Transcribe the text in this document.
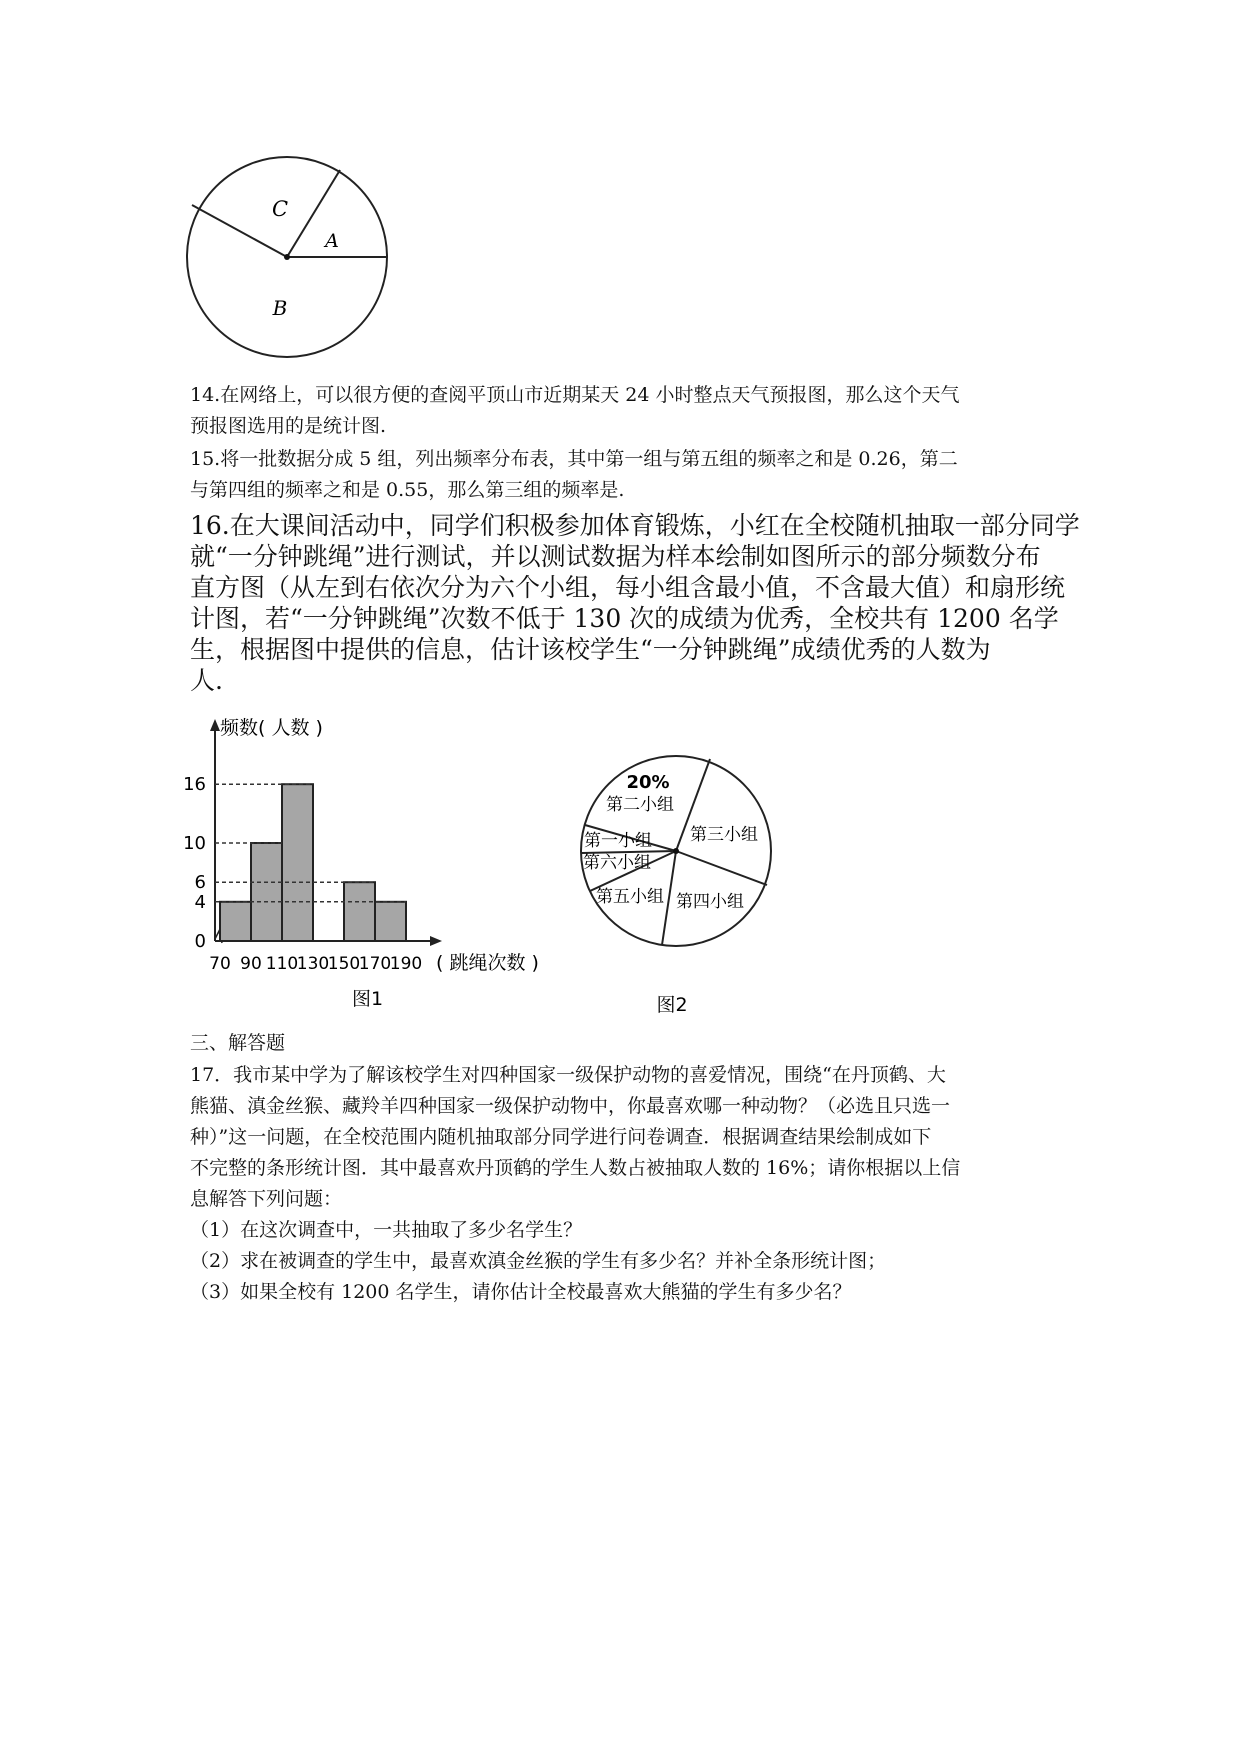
C
A
B
14.在网络上，可以很方便的查阅平顶山市近期某天 24 小时整点天气预报图，那么这个天气
预报图选用的是统计图.
15.将一批数据分成 5 组，列出频率分布表，其中第一组与第五组的频率之和是 0.26，第二
与第四组的频率之和是 0.55，那么第三组的频率是.
16.在大课间活动中，同学们积极参加体育锻炼，小红在全校随机抽取一部分同学
就“一分钟跳绳”进行测试，并以测试数据为样本绘制如图所示的部分频数分布
直方图（从左到右依次分为六个小组，每小组含最小值，不含最大值）和扇形统
计图，若“一分钟跳绳”次数不低于 130 次的成绩为优秀，全校共有 1200 名学
生，根据图中提供的信息，估计该校学生“一分钟跳绳”成绩优秀的人数为
人.
0
4
6
10
16
70 90 110
130
150
170
190
频数( 人数 )
( 跳绳次数 )
图1
20%
第二小组
第三小组
第四小组
第五小组
第六小组
第一小组
图2
三、解答题
17．我市某中学为了解该校学生对四种国家一级保护动物的喜爱情况，围绕“在丹顶鹤、大
熊猫、滇金丝猴、藏羚羊四种国家一级保护动物中，你最喜欢哪一种动物？（必选且只选一
种）”这一问题，在全校范围内随机抽取部分同学进行问卷调查．根据调查结果绘制成如下
不完整的条形统计图．其中最喜欢丹顶鹤的学生人数占被抽取人数的 16%；请你根据以上信
息解答下列问题：
（1）在这次调查中，一共抽取了多少名学生？
（2）求在被调查的学生中，最喜欢滇金丝猴的学生有多少名？并补全条形统计图；
（3）如果全校有 1200 名学生，请你估计全校最喜欢大熊猫的学生有多少名？
